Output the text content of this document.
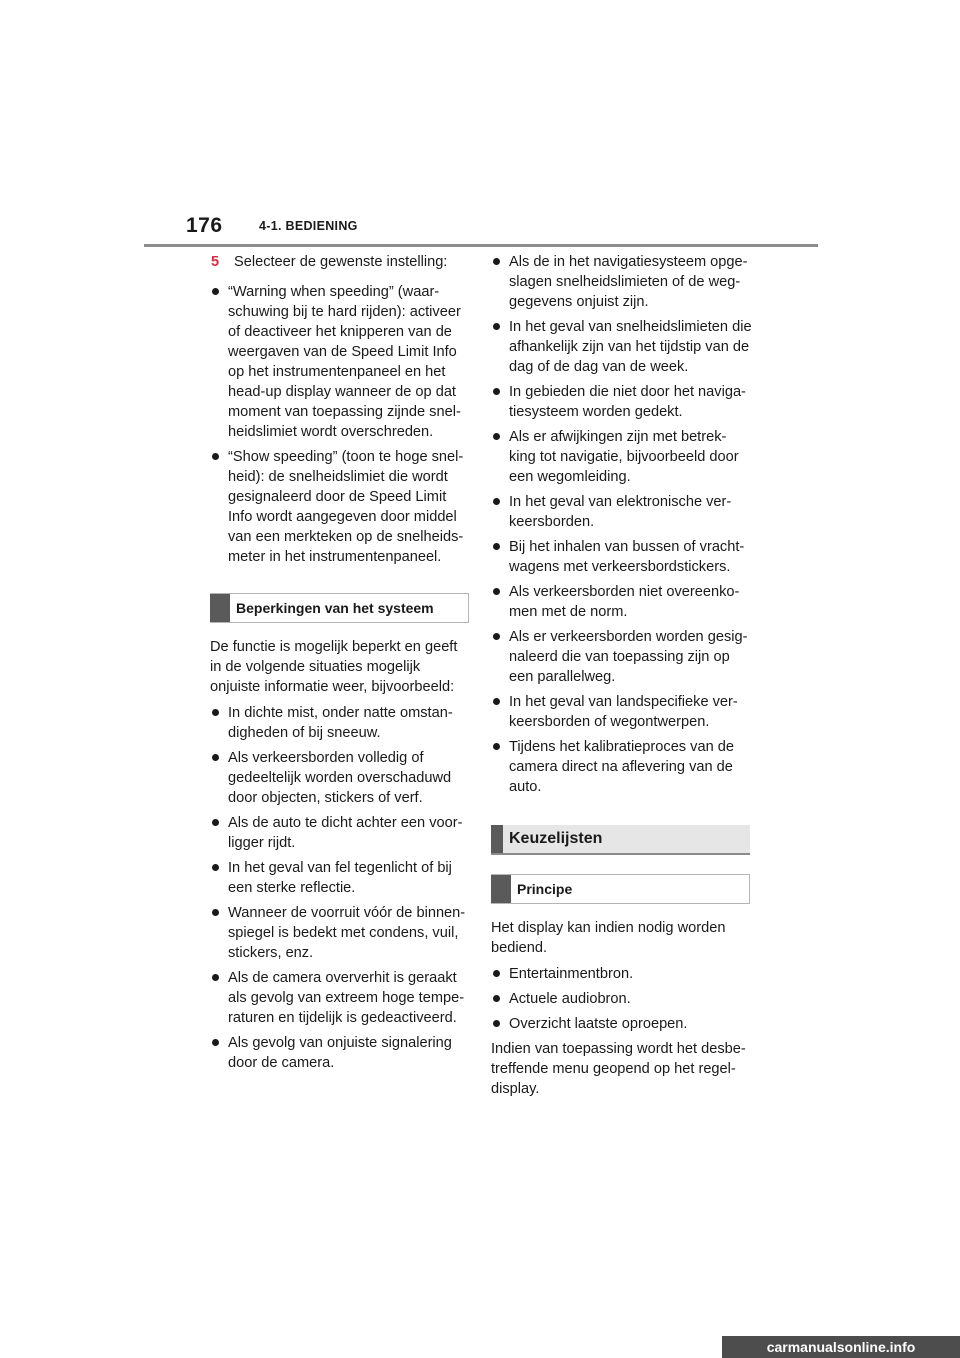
176	4-1. BEDIENING
5 Selecteer de gewenste instelling:
“Warning when speeding” (waar-schuwing bij te hard rijden): activeer of deactiveer het knipperen van de weergaven van de Speed Limit Info op het instrumentenpaneel en het head-up display wanneer de op dat moment van toepassing zijnde snel-heidslimiet wordt overschreden.
“Show speeding” (toon te hoge snel-heid): de snelheidslimiet die wordt gesignaleerd door de Speed Limit Info wordt aangegeven door middel van een merkteken op de snelheids-meter in het instrumentenpaneel.
Beperkingen van het systeem
De functie is mogelijk beperkt en geeft in de volgende situaties mogelijk onjuiste informatie weer, bijvoorbeeld:
In dichte mist, onder natte omstan-digheden of bij sneeuw.
Als verkeersborden volledig of gedeeltelijk worden overschaduwd door objecten, stickers of verf.
Als de auto te dicht achter een voor-ligger rijdt.
In het geval van fel tegenlicht of bij een sterke reflectie.
Wanneer de voorruit vóór de binnen-spiegel is bedekt met condens, vuil, stickers, enz.
Als de camera oververhit is geraakt als gevolg van extreem hoge tempe-raturen en tijdelijk is gedeactiveerd.
Als gevolg van onjuiste signalering door de camera.
Als de in het navigatiesysteem opge-slagen snelheidslimieten of de weg-gegevens onjuist zijn.
In het geval van snelheidslimieten die afhankelijk zijn van het tijdstip van de dag of de dag van de week.
In gebieden die niet door het naviga-tiesysteem worden gedekt.
Als er afwijkingen zijn met betrek-king tot navigatie, bijvoorbeeld door een wegomleiding.
In het geval van elektronische ver-keersborden.
Bij het inhalen van bussen of vracht-wagens met verkeersbordstickers.
Als verkeersborden niet overeenko-men met de norm.
Als er verkeersborden worden gesig-naleerd die van toepassing zijn op een parallelweg.
In het geval van landspecifieke ver-keersborden of wegontwerpen.
Tijdens het kalibratieproces van de camera direct na aflevering van de auto.
Keuzelijsten
Principe
Het display kan indien nodig worden bediend.
Entertainmentbron.
Actuele audiobron.
Overzicht laatste oproepen.
Indien van toepassing wordt het desbe-treffende menu geopend op het regel-display.
carmanualsonline.info
